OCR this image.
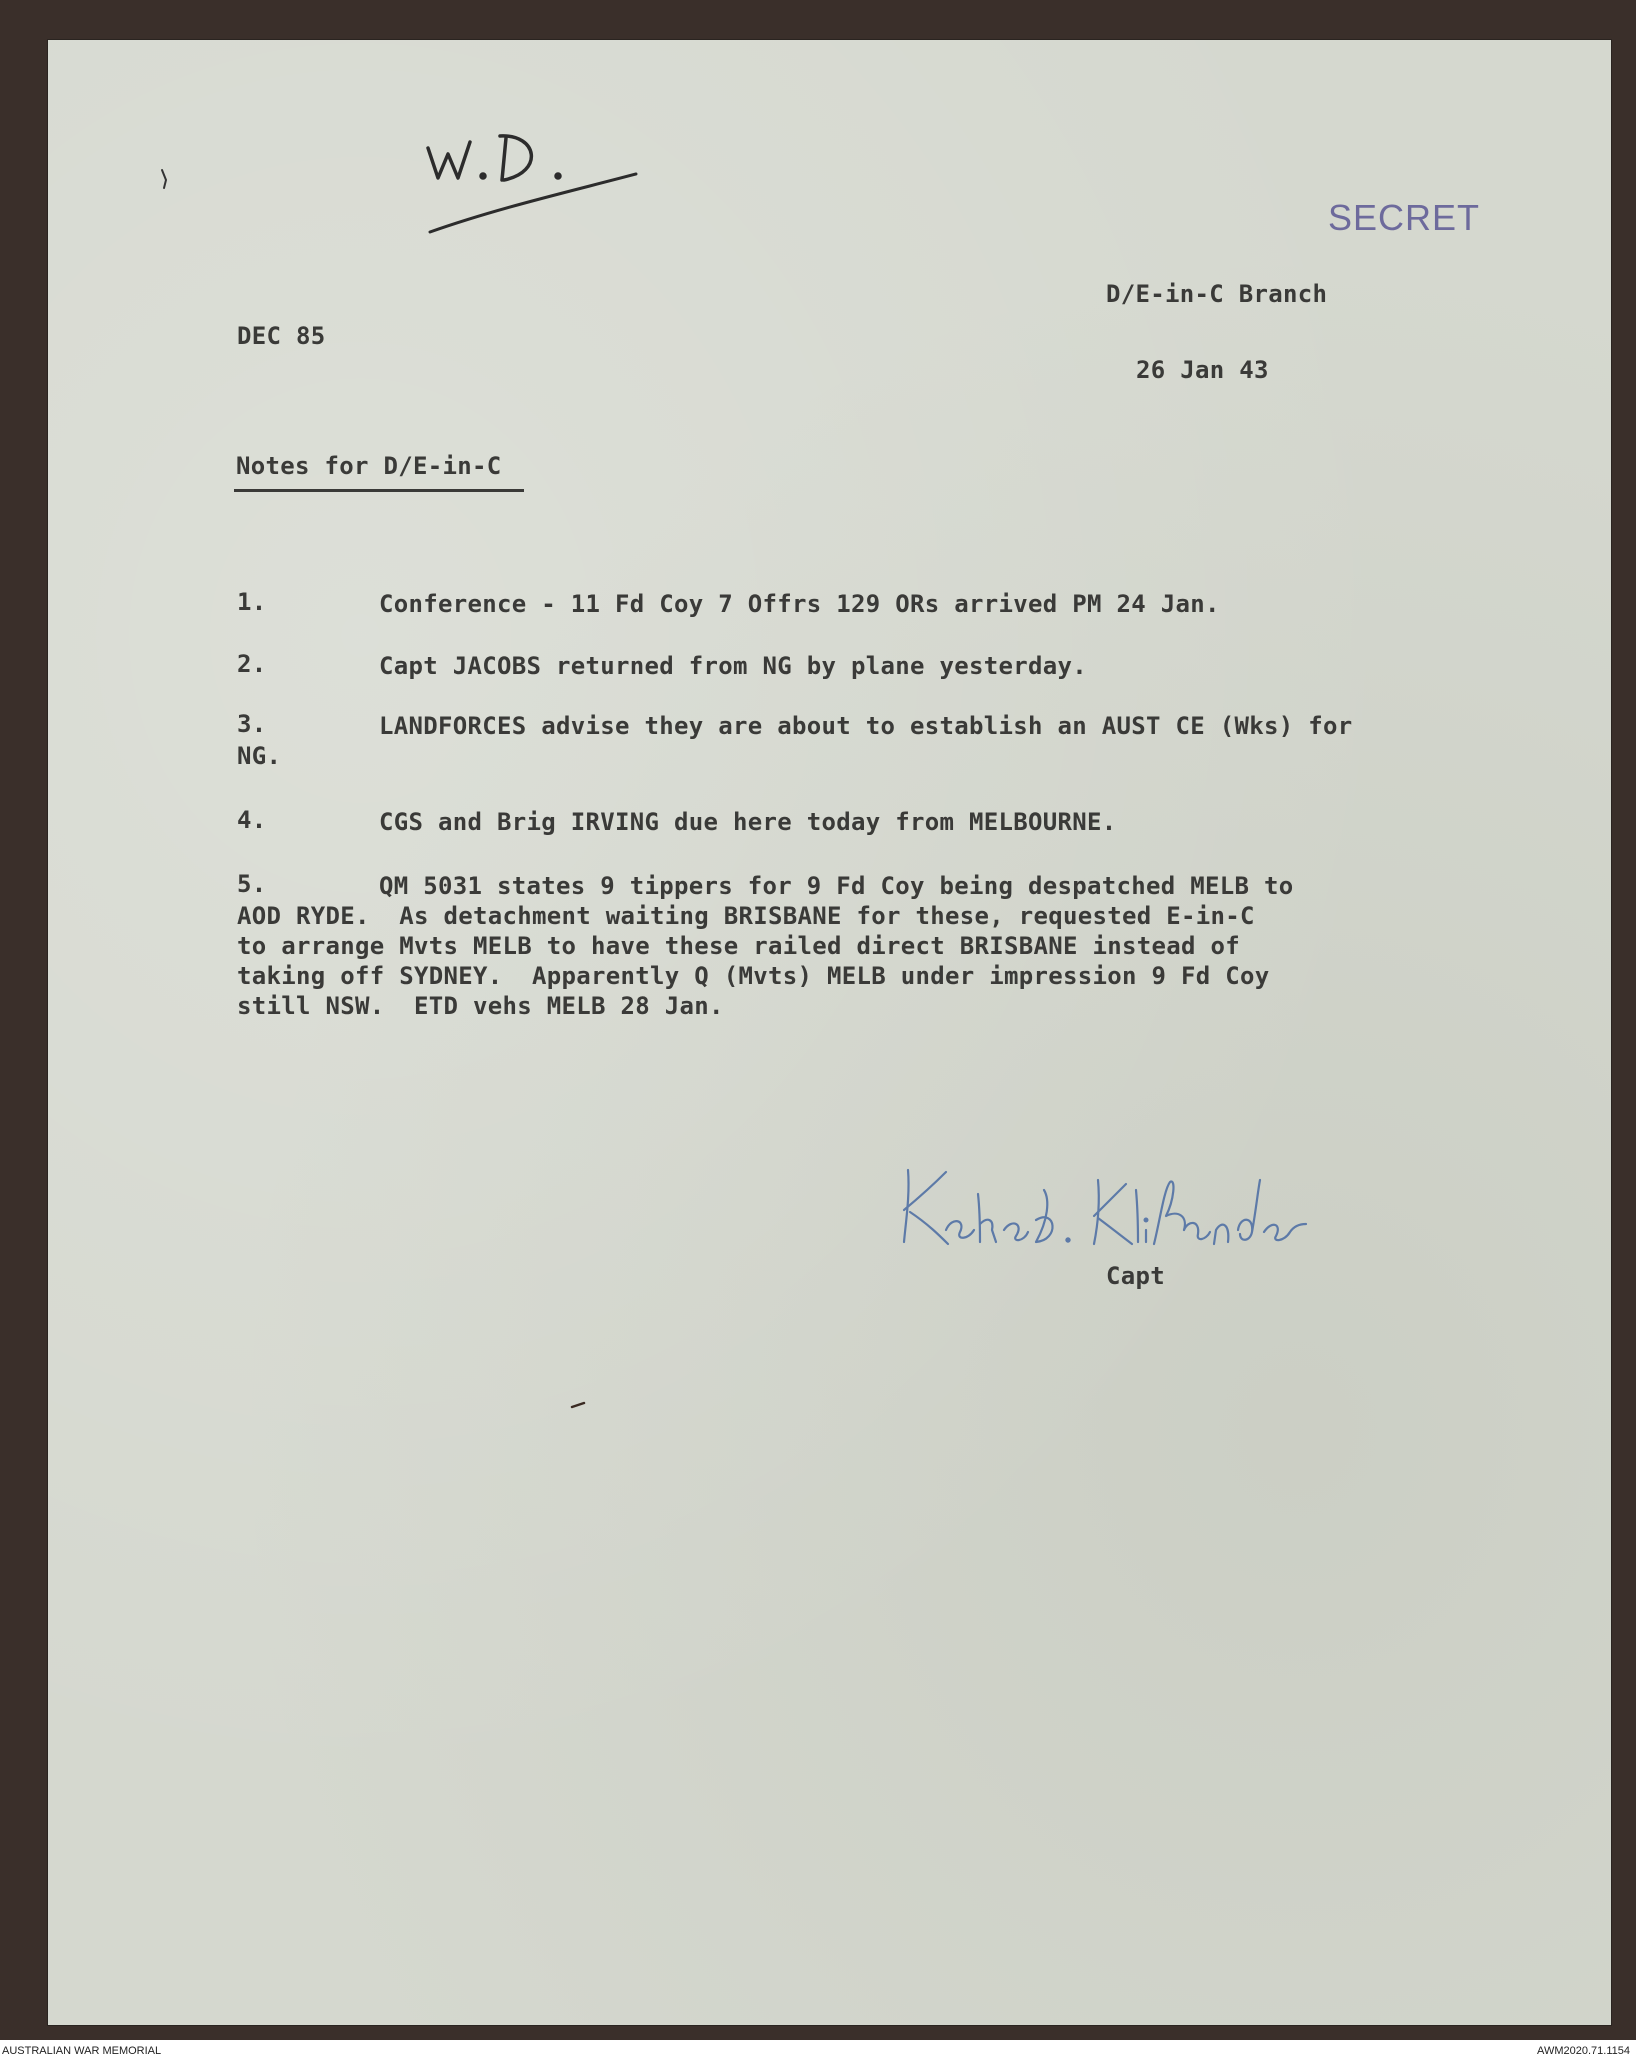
SECRET
D/E-in-C Branch
DEC 85
26 Jan 43
Notes for D/E-in-C
1.	Conference - 11 Fd Coy 7 Offrs 129 ORs arrived PM 24 Jan.
2.	Capt JACOBS returned from NG by plane yesterday.
3.	LANDFORCES advise they are about to establish an AUST CE (Wks) for
NG.
4.	CGS and Brig IRVING due here today from MELBOURNE.
5.	QM 5031 states 9 tippers for 9 Fd Coy being despatched MELB to
AOD RYDE.  As detachment waiting BRISBANE for these, requested E-in-C
to arrange Mvts MELB to have these railed direct BRISBANE instead of
taking off SYDNEY.  Apparently Q (Mvts) MELB under impression 9 Fd Coy
still NSW.  ETD vehs MELB 28 Jan.
Capt
AUSTRALIAN WAR MEMORIAL	AWM2020.71.1154
